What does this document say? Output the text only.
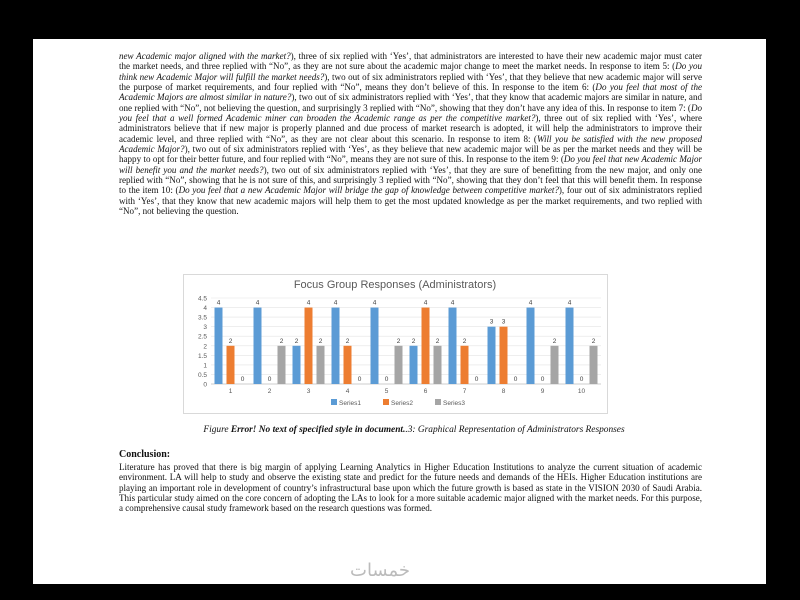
new Academic major aligned with the market?), three of six replied with ‘Yes’, that administrators are interested to have their new academic major must cater the market needs, and three replied with “No”, as they are not sure about the academic major change to meet the market needs. In response to item 5: (Do you think new Academic Major will fulfill the market needs?), two out of six administrators replied with ‘Yes’, that they believe that new academic major will serve the purpose of market requirements, and four replied with “No”, means they don’t believe of this. In response to the item 6: (Do you feel that most of the Academic Majors are almost similar in nature?), two out of six administrators replied with ‘Yes’, that they know that academic majors are similar in nature, and one replied with “No”, not believing the question, and surprisingly 3 replied with “No”, showing that they don’t have any idea of this. In response to item 7: (Do you feel that a well formed Academic miner can broaden the Academic range as per the competitive market?), three out of six replied with ‘Yes’, where administrators believe that if new major is properly planned and due process of market research is adopted, it will help the administrators to improve their academic level, and three replied with “No”, as they are not clear about this scenario. In response to item 8: (Will you be satisfied with the new proposed Academic Major?), two out of six administrators replied with ‘Yes’, as they believe that new academic major will be as per the market needs and they will be happy to opt for their better future, and four replied with “No”, means they are not sure of this. In response to the item 9: (Do you feel that new Academic Major will benefit you and the market needs?), two out of six administrators replied with ‘Yes’, that they are sure of benefitting from the new major, and only one replied with “No”, showing that he is not sure of this, and surprisingly 3 replied with “No”, showing that they don’t feel that this will benefit them. In response to the item 10: (Do you feel that a new Academic Major will bridge the gap of knowledge between competitive market?), four out of six administrators replied with ‘Yes’, that they know that new academic majors will help them to get the most updated knowledge as per the market requirements, and two replied with “No”, not believing the question.

Focus Group Responses (Administrators)
0
0.5
1
1.5
2
2.5
3
3.5
4
4.5
4
2
0
1
4
0
2
2
2
4
2
3
4
2
0
4
4
0
2
5
2
4
2
6
4
2
0
7
3 3
0
8
4
0
2
9
4
0
2
10
Series1	Series2	Series3

Figure Error! No text of specified style in document..3: Graphical Representation of Administrators Responses

Conclusion:

Literature has proved that there is big margin of applying Learning Analytics in Higher Education Institutions to analyze the current situation of academic environment. LA will help to study and observe the existing state and predict for the future needs and demands of the HEIs. Higher Education institutions are playing an important role in development of country’s infrastructural base upon which the future growth is based as state in the VISION 2030 of Saudi Arabia. This particular study aimed on the core concern of adopting the LAs to look for a more suitable academic major aligned with the market needs. For this purpose, a comprehensive causal study framework based on the research questions was formed.

خمسات
